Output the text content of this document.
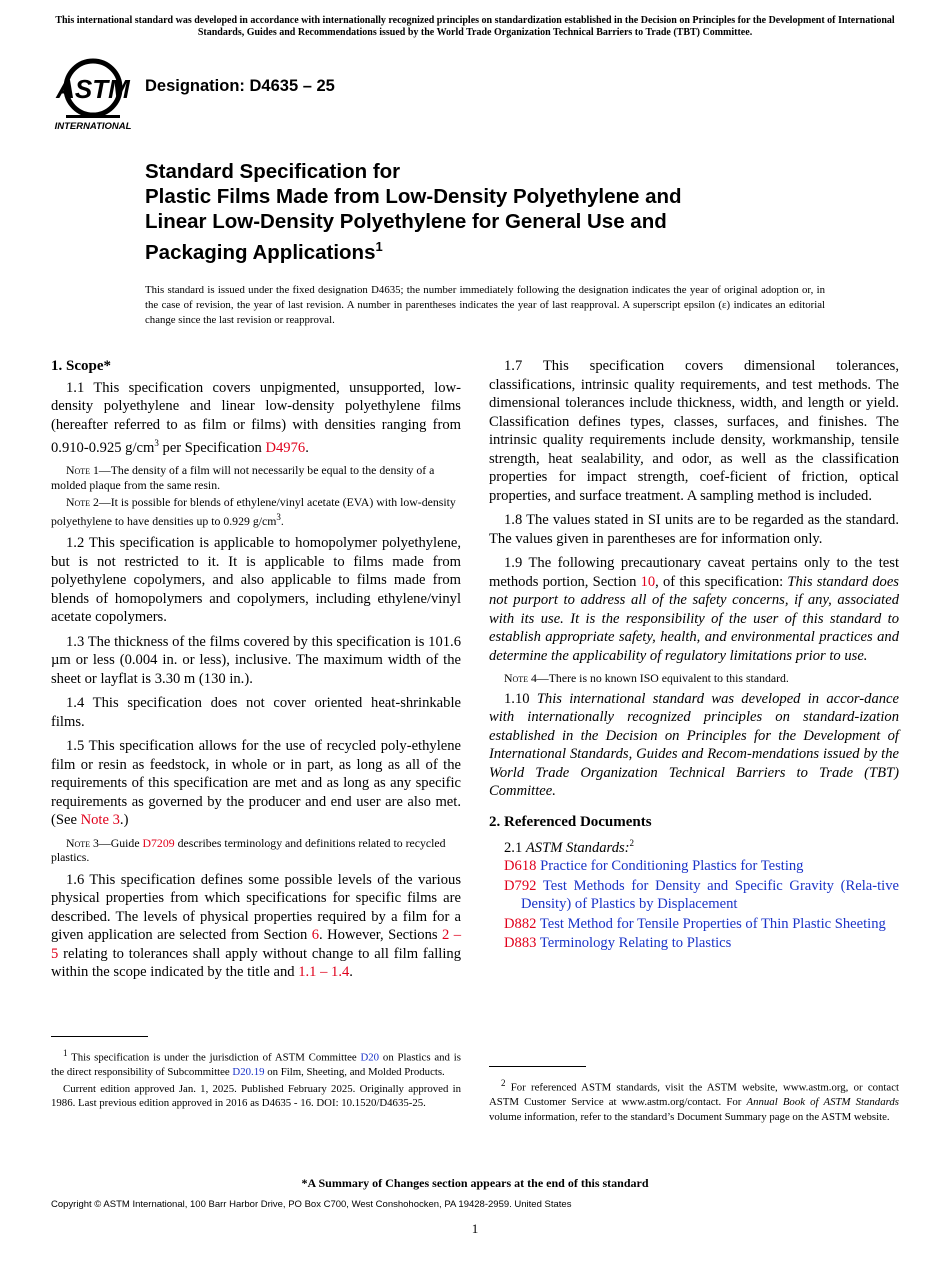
This international standard was developed in accordance with internationally recognized principles on standardization established in the Decision on Principles for the Development of International Standards, Guides and Recommendations issued by the World Trade Organization Technical Barriers to Trade (TBT) Committee.
ASTM
INTERNATIONAL
Designation: D4635 – 25
Standard Specification for
Plastic Films Made from Low-Density Polyethylene and
Linear Low-Density Polyethylene for General Use and
Packaging Applications$^1$
This standard is issued under the fixed designation D4635; the number immediately following the designation indicates the year of original adoption or, in the case of revision, the year of last revision. A number in parentheses indicates the year of last reapproval. A superscript epsilon (ε) indicates an editorial change since the last revision or reapproval.
1. Scope*

1.1 This specification covers unpigmented, unsupported, low-density polyethylene and linear low-density polyethylene films (hereafter referred to as film or films) with densities ranging from 0.910-0.925 $g/cm^3$ per Specification D4976.

Note 1—The density of a film will not necessarily be equal to the density of a molded plaque from the same resin.
Note 2—It is possible for blends of ethylene/vinyl acetate (EVA) with low-density polyethylene to have densities up to 0.929 $g/cm^3$.

1.2 This specification is applicable to homopolymer polyethylene, but is not restricted to it. It is applicable to films made from polyethylene copolymers, and also applicable to films made from blends of homopolymers and copolymers, including ethylene/vinyl acetate copolymers.

1.3 The thickness of the films covered by this specification is 101.6 µm or less (0.004 in. or less), inclusive. The maximum width of the sheet or layflat is 3.30 m (130 in.).

1.4 This specification does not cover oriented heat-shrinkable films.

1.5 This specification allows for the use of recycled poly-ethylene film or resin as feedstock, in whole or in part, as long as all of the requirements of this specification are met and as long as any specific requirements as governed by the producer and end user are also met. (See Note 3.)

Note 3—Guide D7209 describes terminology and definitions related to recycled plastics.

1.6 This specification defines some possible levels of the various physical properties from which specifications for specific films are described. The levels of physical properties required by a film for a given application are selected from Section 6. However, Sections 2 – 5 relating to tolerances shall apply without change to all film falling within the scope indicated by the title and 1.1 – 1.4.

1.7 This specification covers dimensional tolerances, classifications, intrinsic quality requirements, and test methods. The dimensional tolerances include thickness, width, and length or yield. Classification defines types, classes, surfaces, and finishes. The intrinsic quality requirements include density, workmanship, tensile strength, heat sealability, and odor, as well as the classification properties for impact strength, coef-ficient of friction, optical properties, and surface treatment. A sampling method is included.

1.8 The values stated in SI units are to be regarded as the standard. The values given in parentheses are for information only.

1.9 The following precautionary caveat pertains only to the test methods portion, Section 10, of this specification: This standard does not purport to address all of the safety concerns, if any, associated with its use. It is the responsibility of the user of this standard to establish appropriate safety, health, and environmental practices and determine the applicability of regulatory limitations prior to use.

Note 4—There is no known ISO equivalent to this standard.

1.10 This international standard was developed in accor-dance with internationally recognized principles on standard-ization established in the Decision on Principles for the Development of International Standards, Guides and Recom-mendations issued by the World Trade Organization Technical Barriers to Trade (TBT) Committee.

2. Referenced Documents
2.1 ASTM Standards:$^2$
D618 Practice for Conditioning Plastics for Testing
D792 Test Methods for Density and Specific Gravity (Rela-tive Density) of Plastics by Displacement
D882 Test Method for Tensile Properties of Thin Plastic Sheeting
D883 Terminology Relating to Plastics

$^1$ This specification is under the jurisdiction of ASTM Committee D20 on Plastics and is the direct responsibility of Subcommittee D20.19 on Film, Sheeting, and Molded Products.

Current edition approved Jan. 1, 2025. Published February 2025. Originally approved in 1986. Last previous edition approved in 2016 as D4635 - 16. DOI: 10.1520/D4635-25.

$^2$ For referenced ASTM standards, visit the ASTM website, www.astm.org, or contact ASTM Customer Service at www.astm.org/contact. For Annual Book of ASTM Standards volume information, refer to the standard’s Document Summary page on the ASTM website.

*A Summary of Changes section appears at the end of this standard
Copyright © ASTM International, 100 Barr Harbor Drive, PO Box C700, West Conshohocken, PA 19428-2959. United States
1
